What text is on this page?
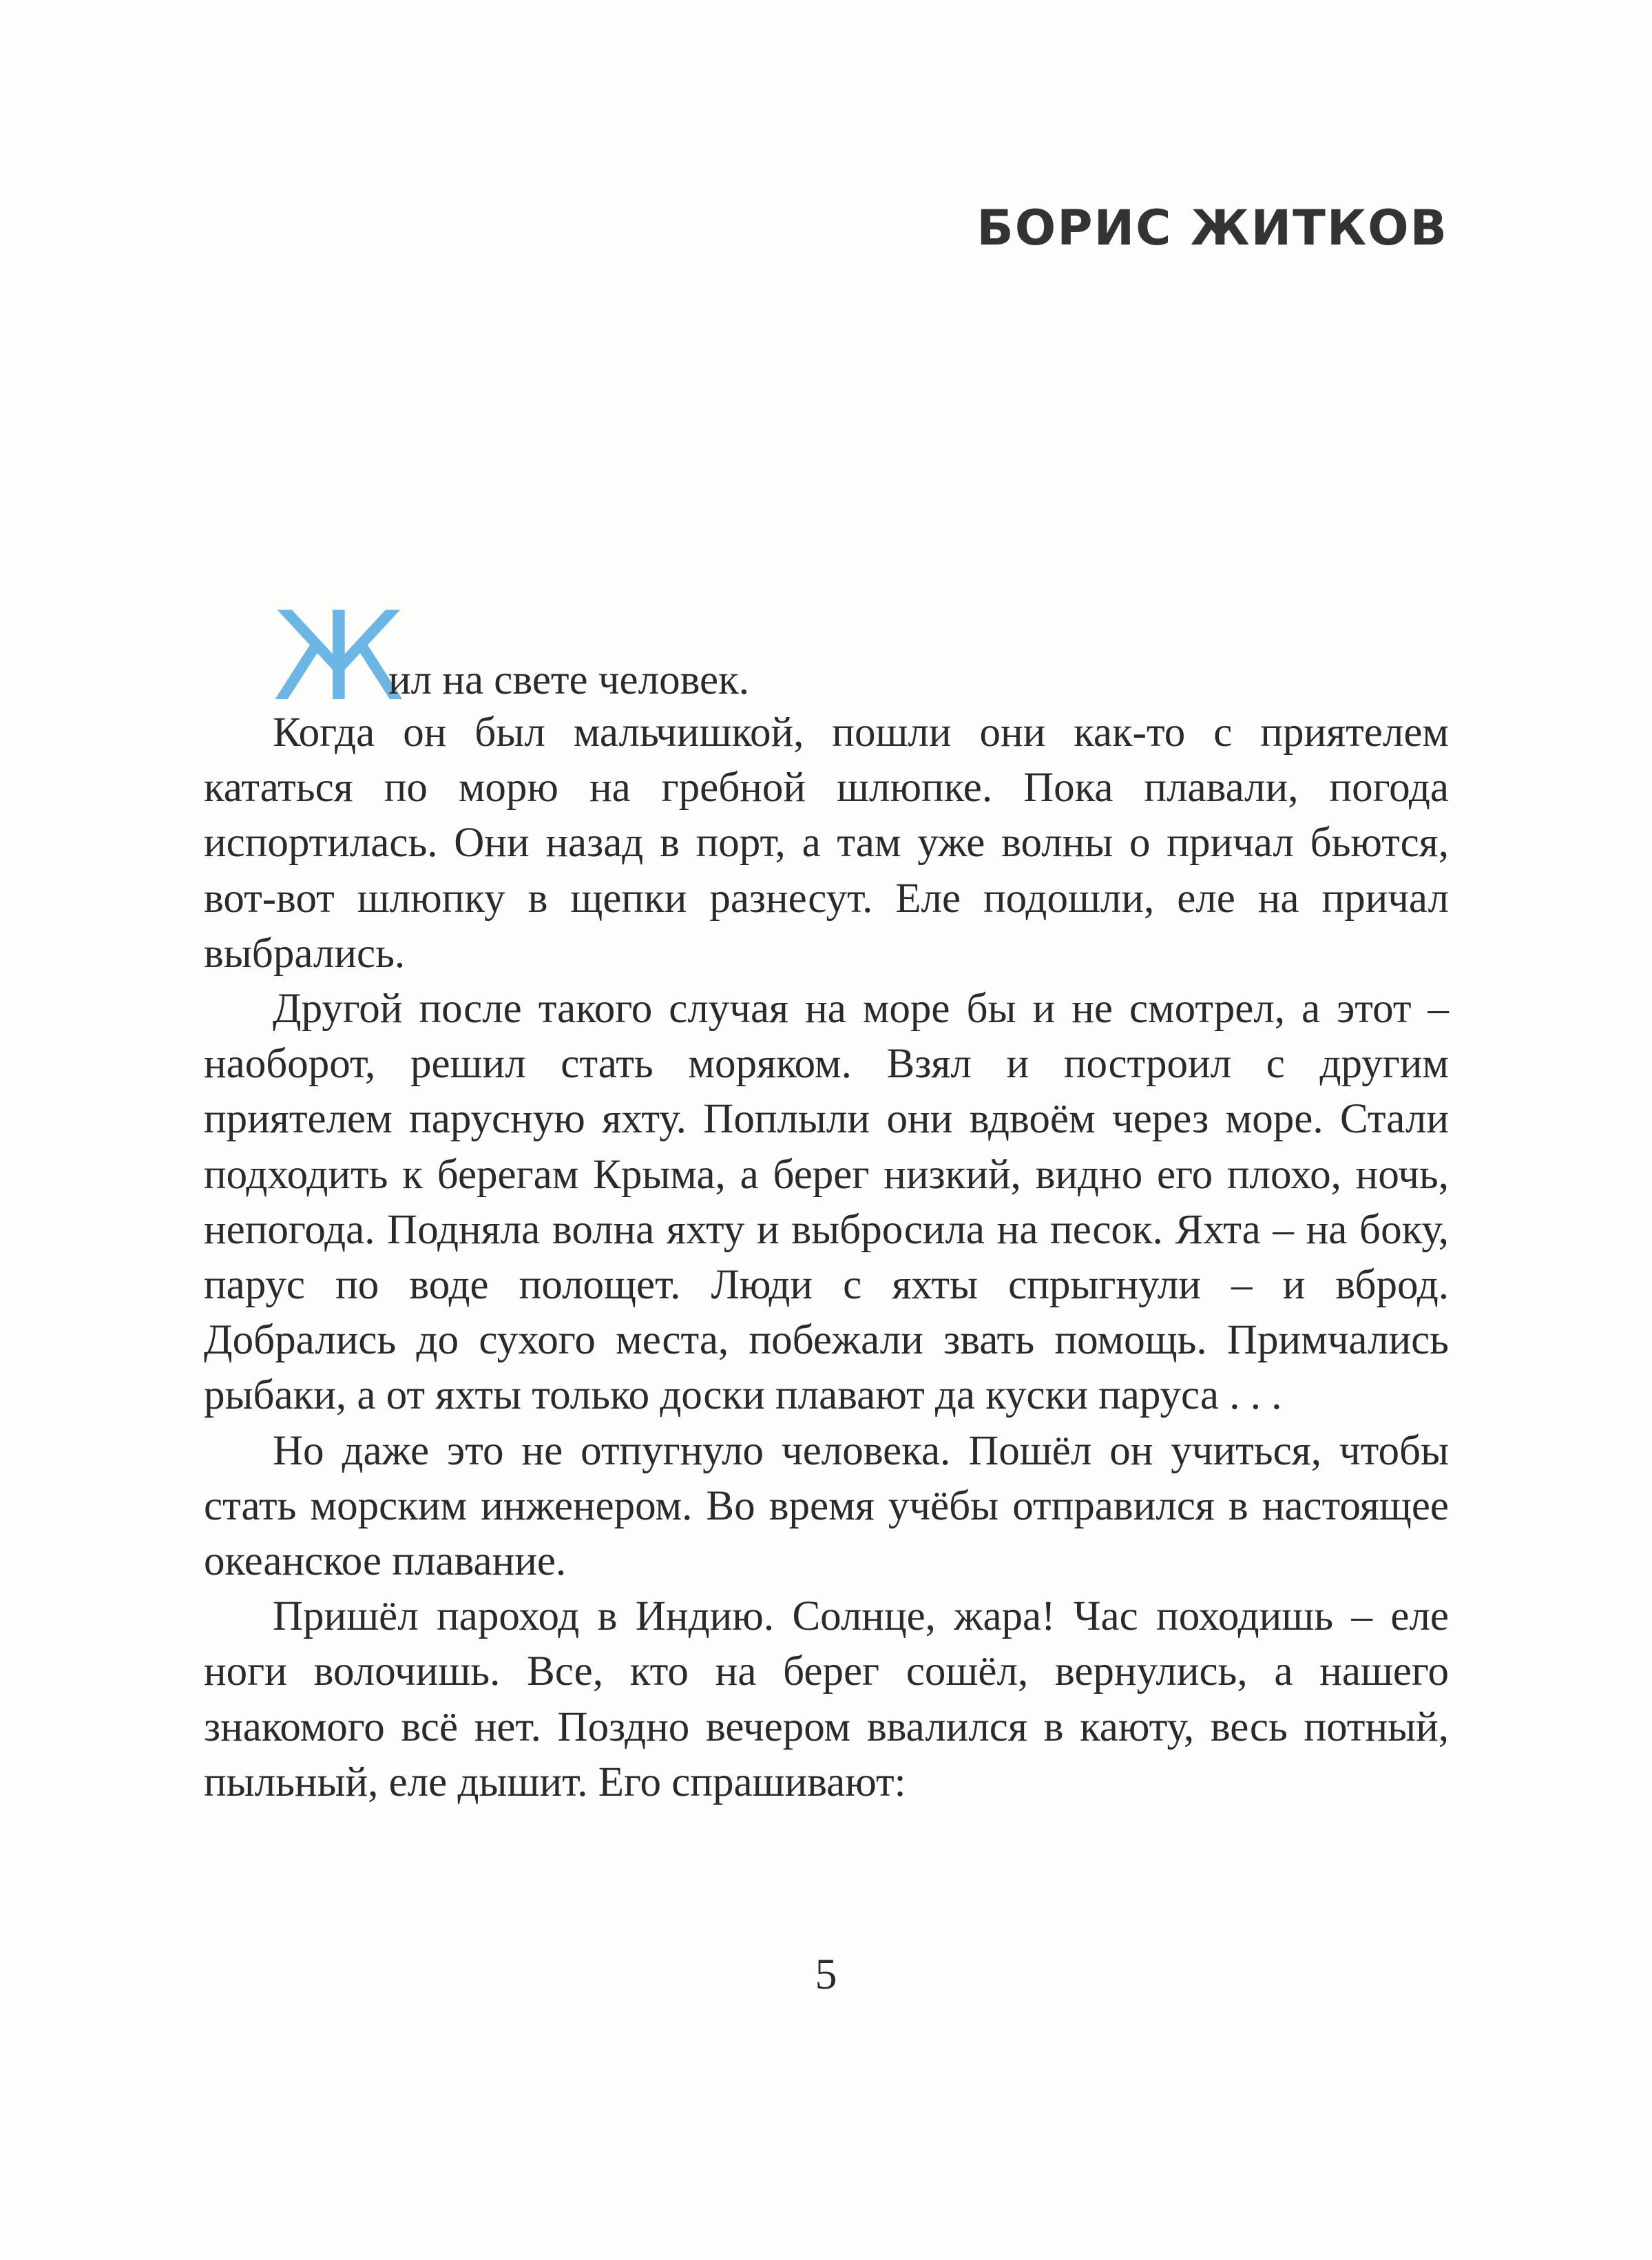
БОРИС ЖИТКОВ
Ж
ил на свете человек.

Когда он был мальчишкой, пошли они как-то с приятелем кататься по морю на гребной шлюпке. Пока плавали, погода испортилась. Они назад в порт, а там уже волны о причал бьются, вот-вот шлюпку в щепки разнесут. Еле подошли, еле на причал выбрались.

Другой после такого случая на море бы и не смотрел, а этот – наоборот, решил стать моряком. Взял и построил с другим приятелем парусную яхту. Поплыли они вдвоём через море. Стали подходить к берегам Крыма, а берег низкий, видно его плохо, ночь, непогода. Подняла волна яхту и выбросила на песок. Яхта – на боку, парус по воде полощет. Люди с яхты спрыгнули – и вброд. Добрались до сухого места, побежали звать помощь. Примчались рыбаки, а от яхты только доски плавают да куски паруса . . .

Но даже это не отпугнуло человека. Пошёл он учиться, чтобы стать морским инженером. Во время учёбы отправился в настоящее океанское плавание.

Пришёл пароход в Индию. Солнце, жара! Час походишь – еле ноги волочишь. Все, кто на берег сошёл, вернулись, а нашего знакомого всё нет. Поздно вечером ввалился в каюту, весь потный, пыльный, еле дышит. Его спрашивают:

5
